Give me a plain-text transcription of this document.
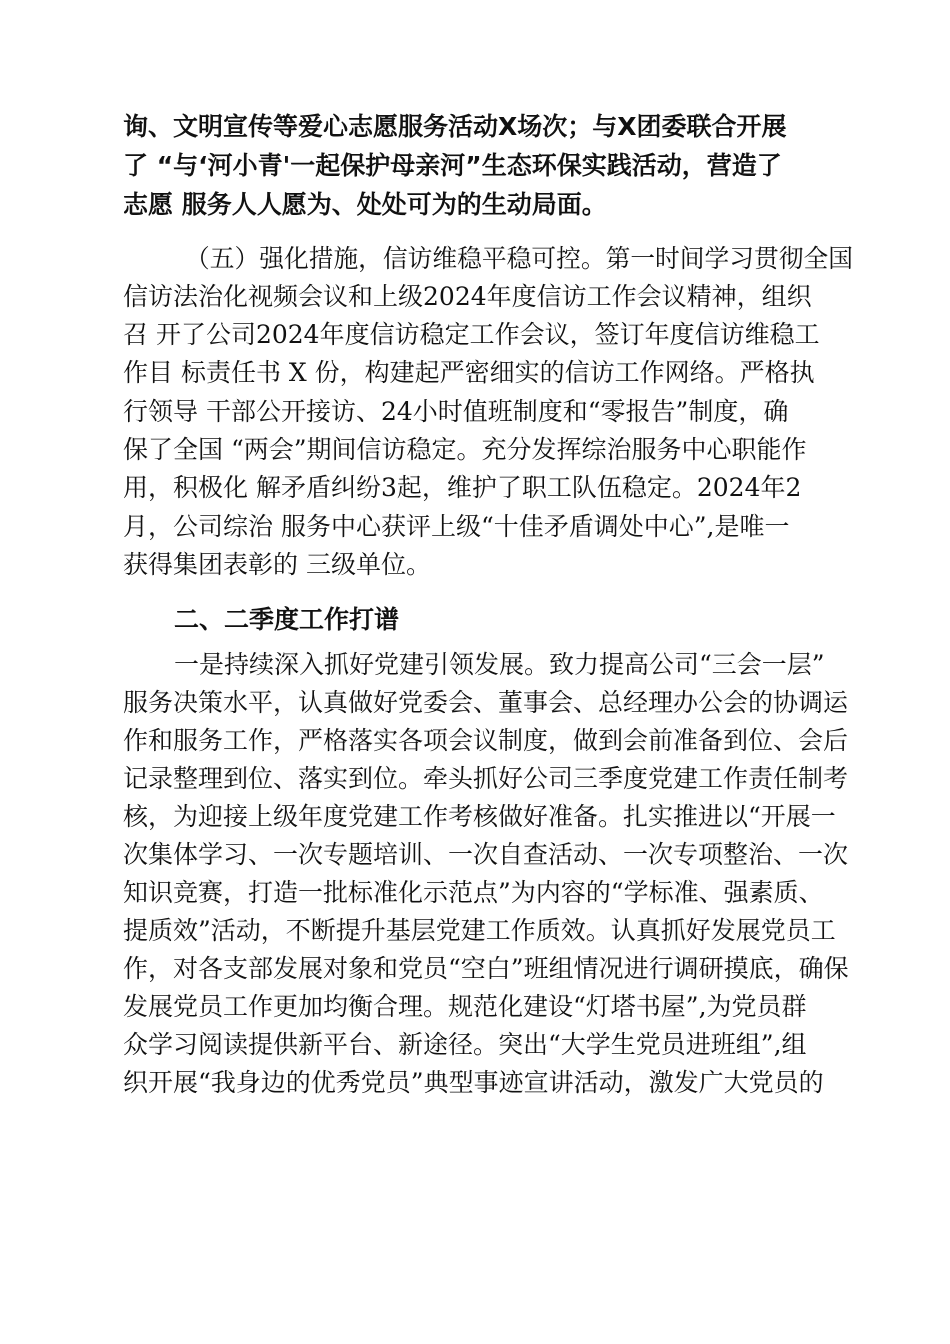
询、文明宣传等爱心志愿服务活动X场次；与X团委联合开展
了 “与‘河小青'一起保护母亲河”生态环保实践活动，营造了
志愿 服务人人愿为、处处可为的生动局面。
（五）强化措施，信访维稳平稳可控。第一时间学习贯彻全国
信访法治化视频会议和上级2024年度信访工作会议精神，组织
召 开了公司2024年度信访稳定工作会议，签订年度信访维稳工
作目 标责任书 X 份，构建起严密细实的信访工作网络。严格执
行领导 干部公开接访、24小时值班制度和“零报告”制度，确
保了全国 “两会”期间信访稳定。充分发挥综治服务中心职能作
用，积极化 解矛盾纠纷3起，维护了职工队伍稳定。2024年2
月，公司综治 服务中心获评上级“十佳矛盾调处中心”,是唯一
获得集团表彰的 三级单位。
二、二季度工作打谱
一是持续深入抓好党建引领发展。致力提高公司“三会一层”
服务决策水平，认真做好党委会、董事会、总经理办公会的协调运
作和服务工作，严格落实各项会议制度，做到会前准备到位、会后
记录整理到位、落实到位。牵头抓好公司三季度党建工作责任制考
核，为迎接上级年度党建工作考核做好准备。扎实推进以“开展一
次集体学习、一次专题培训、一次自查活动、一次专项整治、一次
知识竞赛，打造一批标准化示范点”为内容的“学标准、强素质、
提质效”活动，不断提升基层党建工作质效。认真抓好发展党员工
作，对各支部发展对象和党员“空白”班组情况进行调研摸底，确保
发展党员工作更加均衡合理。规范化建设“灯塔书屋”,为党员群
众学习阅读提供新平台、新途径。突出“大学生党员进班组”,组
织开展“我身边的优秀党员”典型事迹宣讲活动，激发广大党员的
